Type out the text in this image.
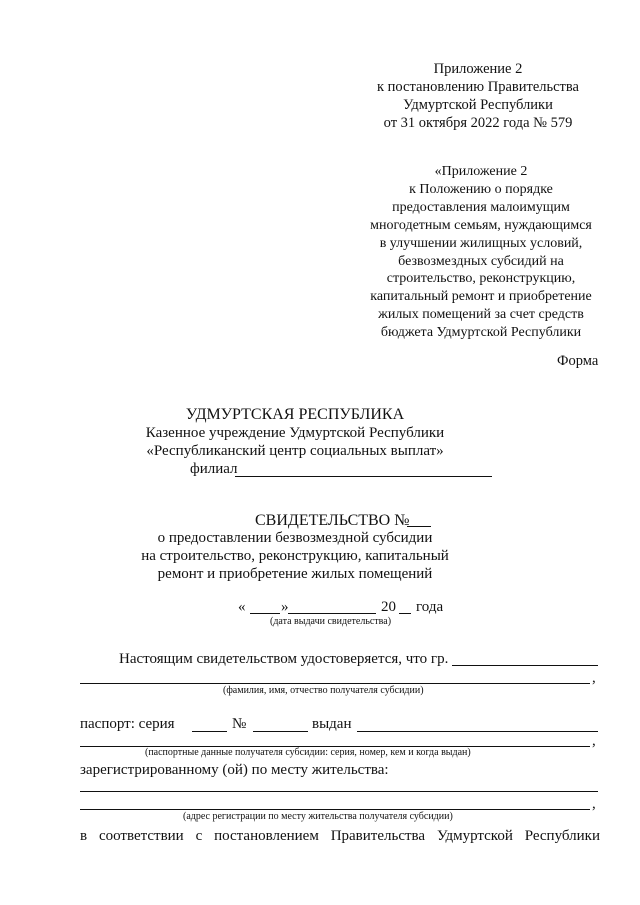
Приложение 2
к постановлению Правительства
Удмуртской Республики
от 31 октября 2022 года № 579
«Приложение 2
к Положению о порядке
предоставления малоимущим
многодетным семьям, нуждающимся
в улучшении жилищных условий,
безвозмездных субсидий на
строительство, реконструкцию,
капитальный ремонт и приобретение
жилых помещений за счет средств
бюджета Удмуртской Республики
Форма
УДМУРТСКАЯ РЕСПУБЛИКА
Казенное учреждение Удмуртской Республики
«Республиканский центр социальных выплат»
филиал
СВИДЕТЕЛЬСТВО №
о предоставлении безвозмездной субсидии
на строительство, реконструкцию, капитальный
ремонт и приобретение жилых помещений
« »	20 года
(дата выдачи свидетельства)
Настоящим свидетельством удостоверяется, что гр.
,
(фамилия, имя, отчество получателя субсидии)
паспорт: серия	№	выдан
,
(паспортные данные получателя субсидии: серия, номер, кем и когда выдан)
зарегистрированному (ой) по месту жительства:
,
(адрес регистрации по месту жительства получателя субсидии)
в соответствии с постановлением Правительства Удмуртской Республики
